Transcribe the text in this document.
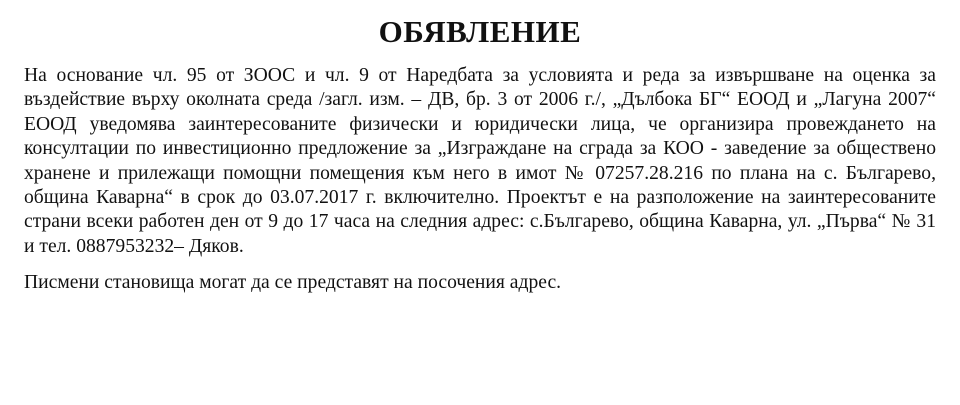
ОБЯВЛЕНИЕ

На основание чл. 95 от ЗООС и чл. 9 от Наредбата за условията и реда за извършване на оценка за въздействие върху околната среда /загл. изм. – ДВ, бр. 3 от 2006 г./, „Дълбока БГ“ ЕООД и „Лагуна 2007“ ЕООД уведомява заинтересованите физически и юридически лица, че организира провеждането на консултации по инвестиционно предложение за „Изграждане на сграда за КОО - заведение за обществено хранене и прилежащи помощни помещения към него в имот № 07257.28.216 по плана на с. Българево, община Каварна“ в срок до 03.07.2017 г. включително. Проектът е на разположение на заинтересованите страни всеки работен ден от 9 до 17 часа на следния адрес: с.Българево, община Каварна, ул. „Първа“ № 31 и тел. 0887953232– Дяков.

Писмени становища могат да се представят на посочения адрес.
